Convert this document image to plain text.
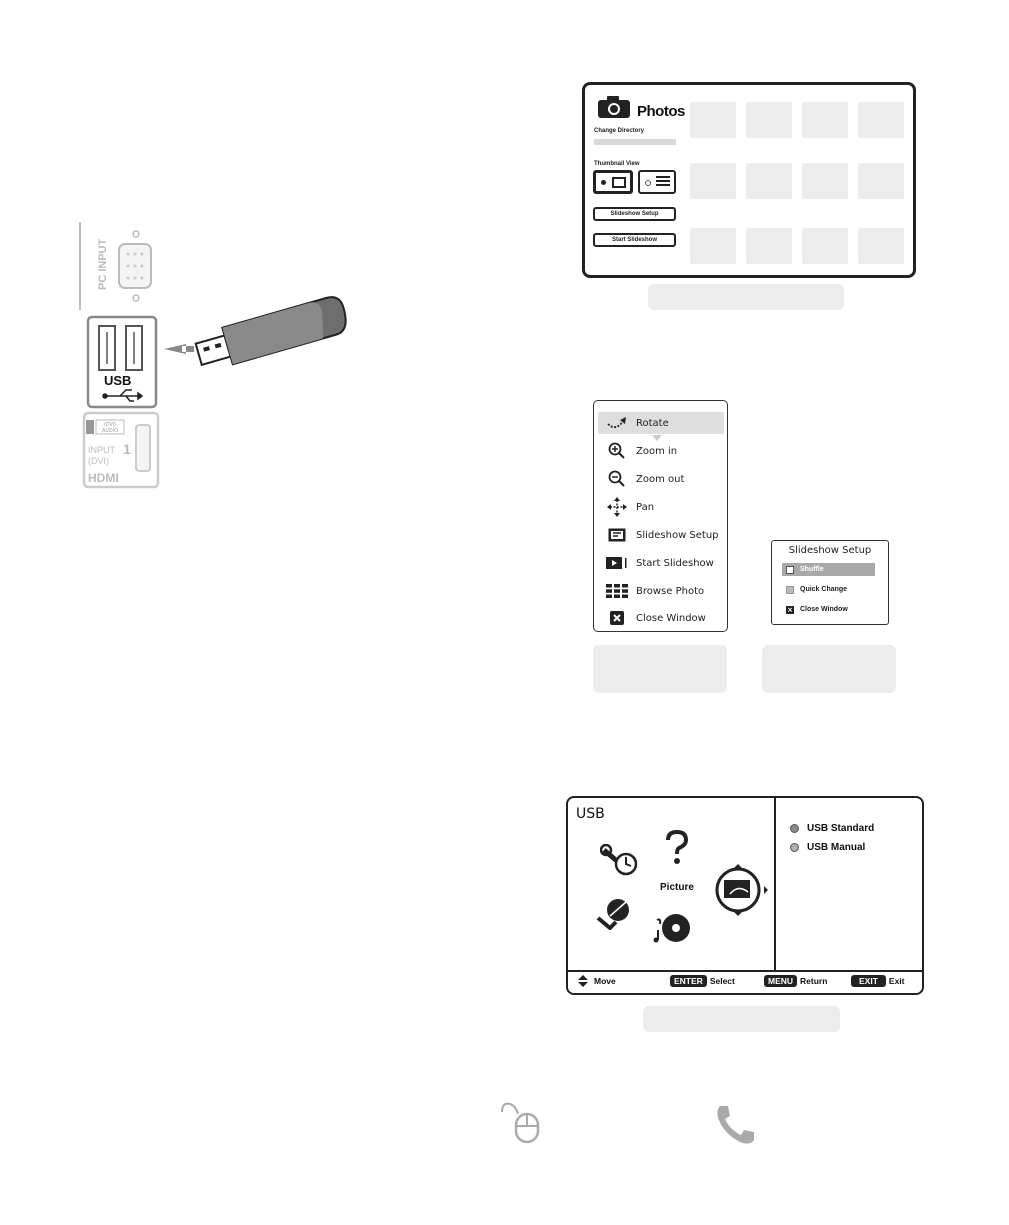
PC INPUT
(DVI)
AUDIO
INPUT 1
(DVI)
HDMI
USB
Photos
Change Directory
Thumbnail View
Slideshow Setup
Start Slideshow
Rotate
Zoom in
Zoom out
Pan
Slideshow Setup
Start Slideshow
Browse Photo
Close Window
Slideshow Setup
Shuffle
Quick Change
× Close Window
USB
Picture
USB Standard
USB Manual
Move	ENTER Select	MENU Return	EXIT	Exit
